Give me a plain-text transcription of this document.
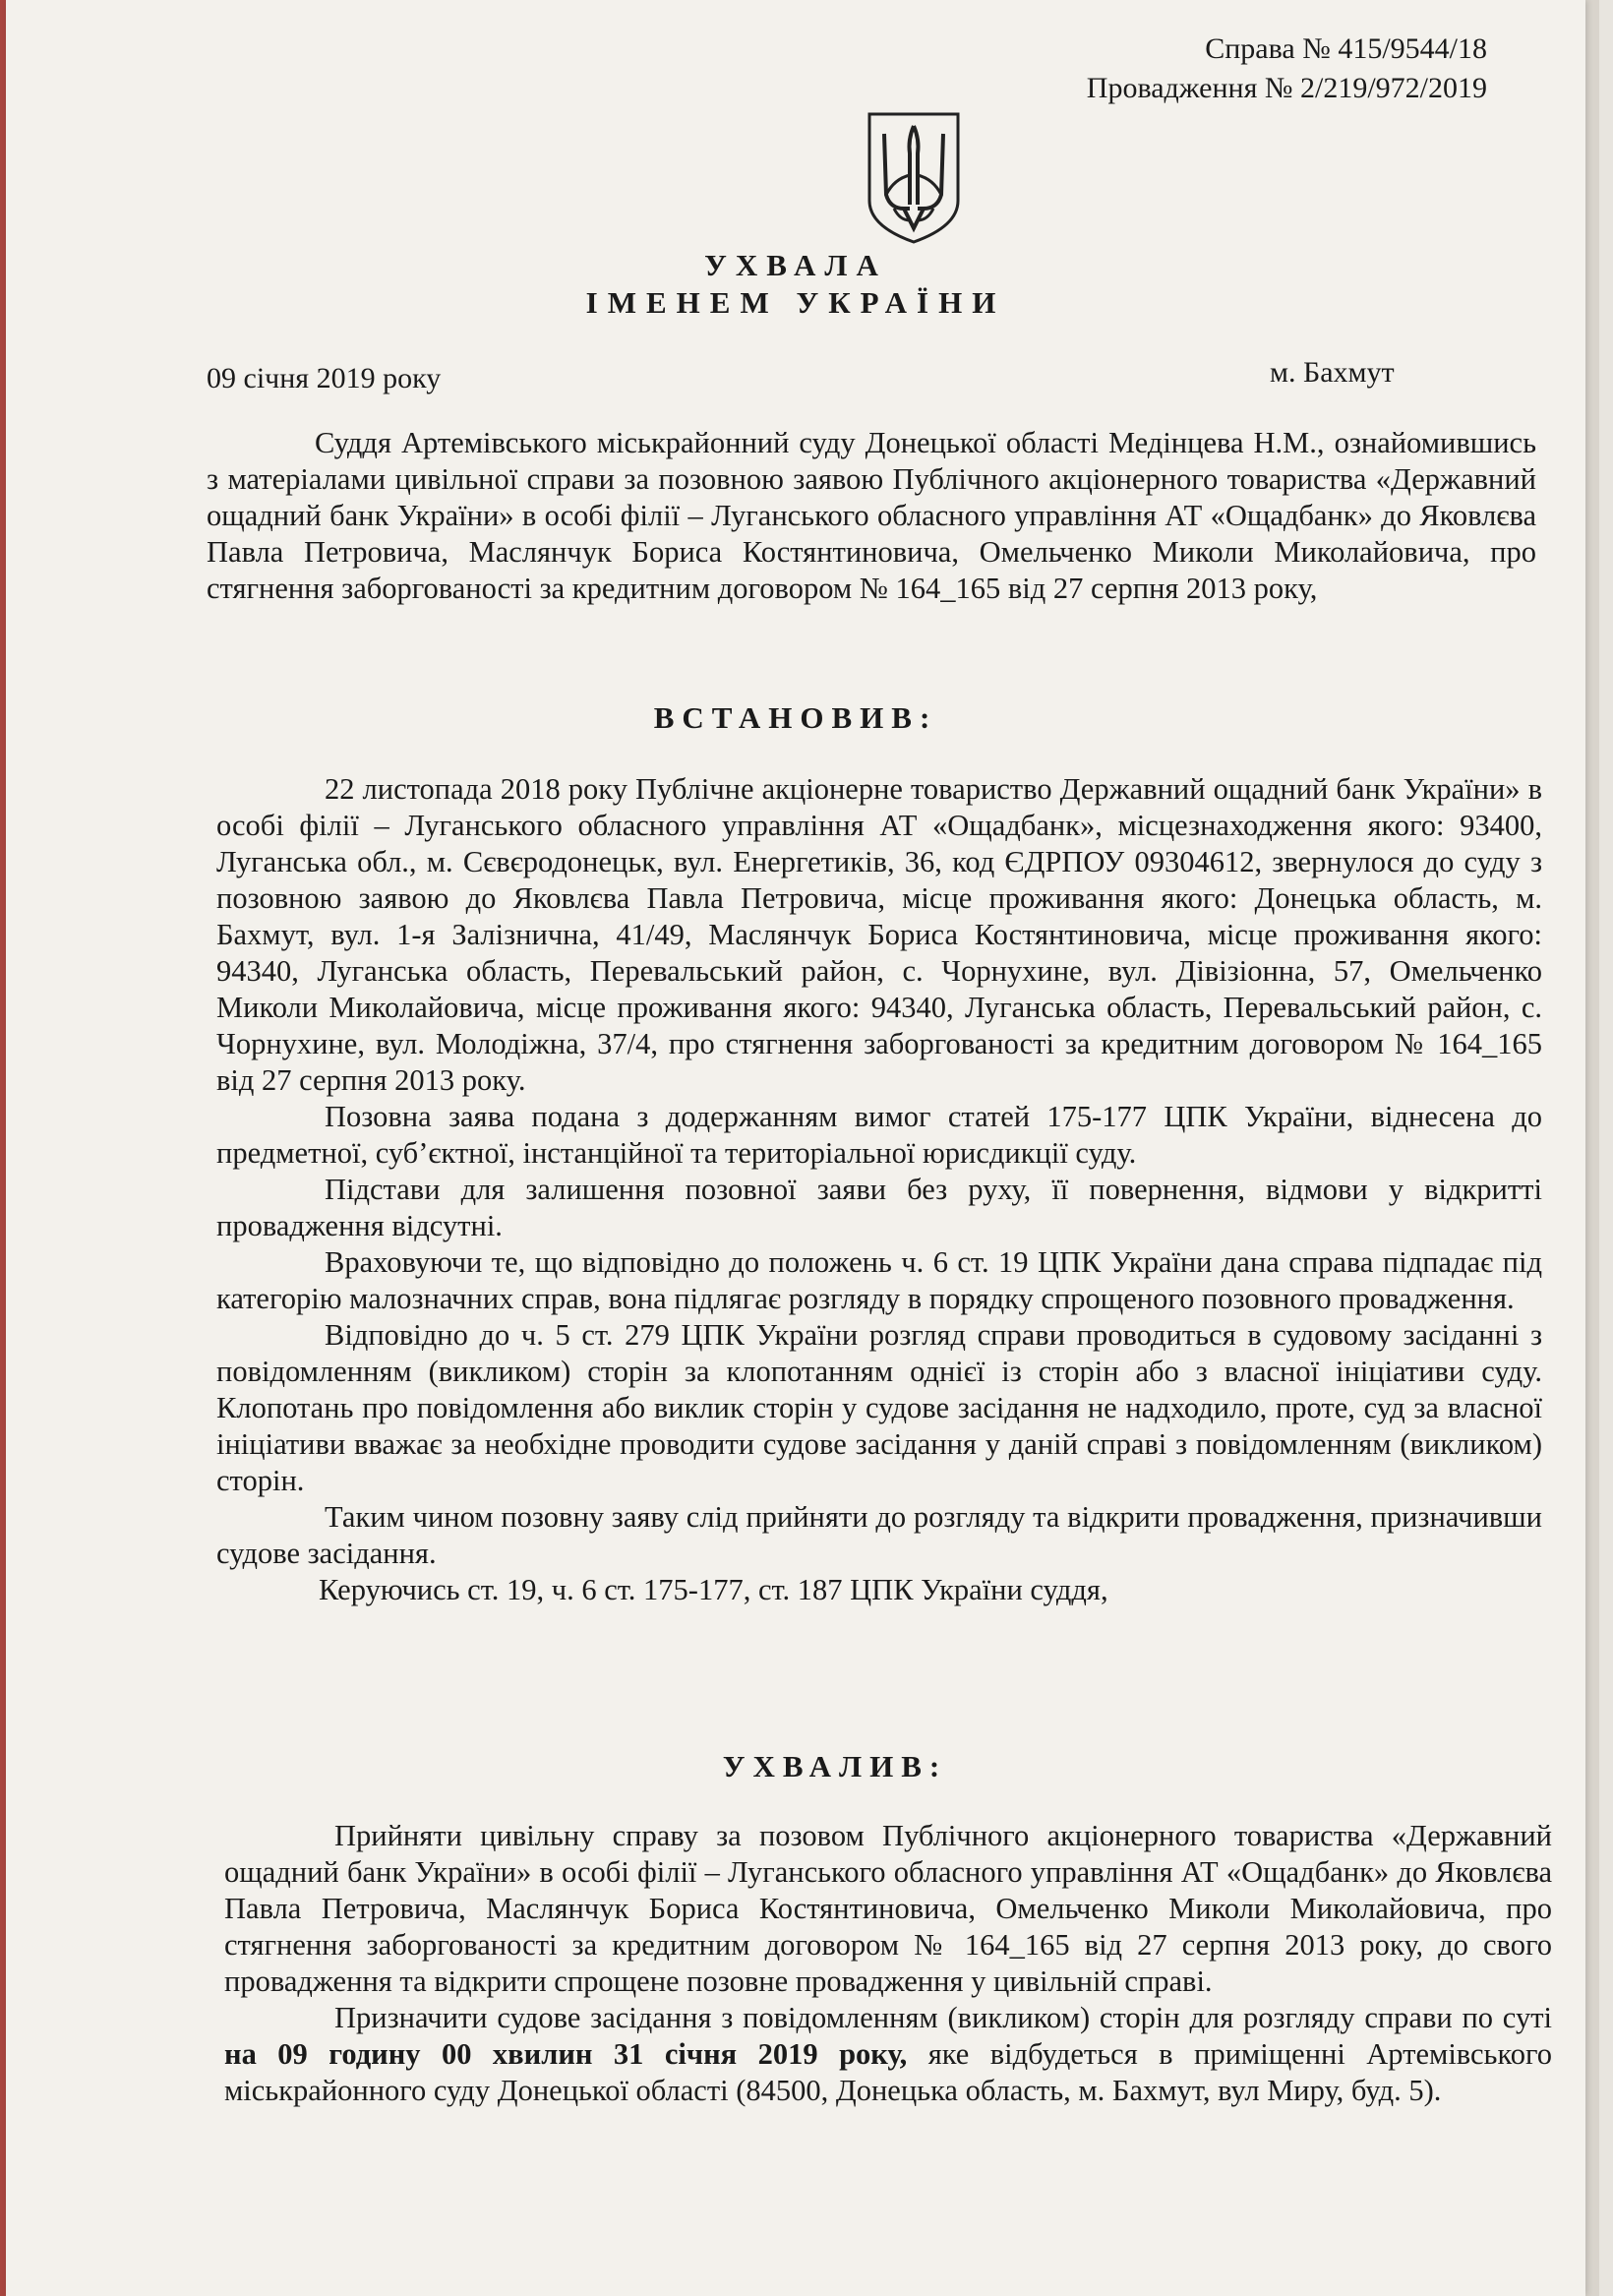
Справа № 415/9544/18
Провадження № 2/219/972/2019
УХВАЛА
ІМЕНЕМ УКРАЇНИ
09 січня 2019 року	м. Бахмут

Суддя Артемівського міськрайонний суду Донецької області Медінцева Н.М., ознайомившись з матеріалами цивільної справи за позовною заявою Публічного акціонерного товариства «Державний ощадний банк України» в особі філії – Луганського обласного управління АТ «Ощадбанк» до Яковлєва Павла Петровича, Маслянчук Бориса Костянтиновича, Омельченко Миколи Миколайовича, про стягнення заборгованості за кредитним договором № 164_165 від 27 серпня 2013 року,

ВСТАНОВИВ:

22 листопада 2018 року Публічне акціонерне товариство Державний ощадний банк України» в особі філії – Луганського обласного управління АТ «Ощадбанк», місцезнаходження якого: 93400, Луганська обл., м. Сєвєродонецьк, вул. Енергетиків, 36, код ЄДРПОУ 09304612, звернулося до суду з позовною заявою до Яковлєва Павла Петровича, місце проживання якого: Донецька область, м. Бахмут, вул. 1-я Залізнична, 41/49, Маслянчук Бориса Костянтиновича, місце проживання якого: 94340, Луганська область, Перевальський район, с. Чорнухине, вул. Дівізіонна, 57, Омельченко Миколи Миколайовича, місце проживання якого: 94340, Луганська область, Перевальський район, с. Чорнухине, вул. Молодіжна, 37/4, про стягнення заборгованості за кредитним договором № 164_165 від 27 серпня 2013 року.

Позовна заява подана з додержанням вимог статей 175-177 ЦПК України, віднесена до предметної, суб’єктної, інстанційної та територіальної юрисдикції суду.

Підстави для залишення позовної заяви без руху, її повернення, відмови у відкритті провадження відсутні.

Враховуючи те, що відповідно до положень ч. 6 ст. 19 ЦПК України дана справа підпадає під категорію малозначних справ, вона підлягає розгляду в порядку спрощеного позовного провадження.

Відповідно до ч. 5 ст. 279 ЦПК України розгляд справи проводиться в судовому засіданні з повідомленням (викликом) сторін за клопотанням однієї із сторін або з власної ініціативи суду. Клопотань про повідомлення або виклик сторін у судове засідання не надходило, проте, суд за власної ініціативи вважає за необхідне проводити судове засідання у даній справі з повідомленням (викликом) сторін.

Таким чином позовну заяву слід прийняти до розгляду та відкрити провадження, призначивши судове засідання.

Керуючись ст. 19, ч. 6 ст. 175-177, ст. 187 ЦПК України суддя,

УХВАЛИВ:

Прийняти цивільну справу за позовом Публічного акціонерного товариства «Державний ощадний банк України» в особі філії – Луганського обласного управління АТ «Ощадбанк» до Яковлєва Павла Петровича, Маслянчук Бориса Костянтиновича, Омельченко Миколи Миколайовича, про стягнення заборгованості за кредитним договором № 164_165 від 27 серпня 2013 року, до свого провадження та відкрити спрощене позовне провадження у цивільній справі.

Призначити судове засідання з повідомленням (викликом) сторін для розгляду справи по суті на 09 годину 00 хвилин 31 січня 2019 року, яке відбудеться в приміщенні Артемівського міськрайонного суду Донецької області (84500, Донецька область, м. Бахмут, вул Миру, буд. 5).
